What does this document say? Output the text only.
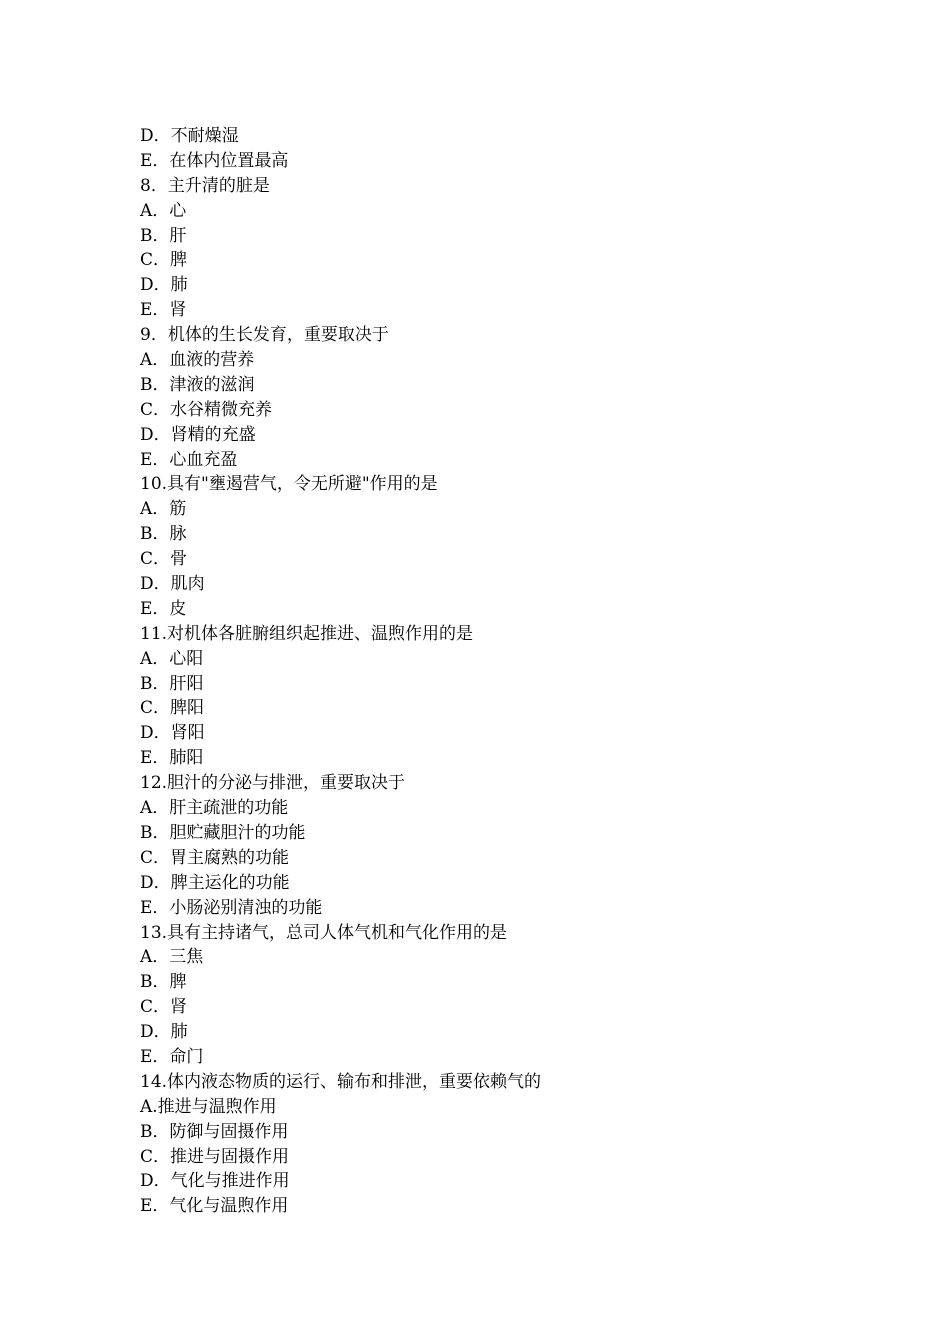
D．不耐燥湿
E．在体内位置最高
8．主升清的脏是
A．心
B．肝
C．脾
D．肺
E．肾
9．机体的生长发育，重要取决于
A．血液的营养
B．津液的滋润
C．水谷精微充养
D．肾精的充盛
E．心血充盈
10.具有"壅遏营气，令无所避"作用的是
A．筋
B．脉
C．骨
D．肌肉
E．皮
11.对机体各脏腑组织起推进、温煦作用的是
A．心阳
B．肝阳
C．脾阳
D．肾阳
E．肺阳
12.胆汁的分泌与排泄，重要取决于
A．肝主疏泄的功能
B．胆贮藏胆汁的功能
C．胃主腐熟的功能
D．脾主运化的功能
E．小肠泌别清浊的功能
13.具有主持诸气，总司人体气机和气化作用的是
A．三焦
B．脾
C．肾
D．肺
E．命门
14.体内液态物质的运行、输布和排泄，重要依赖气的
A.推进与温煦作用
B．防御与固摄作用
C．推进与固摄作用
D．气化与推进作用
E．气化与温煦作用
